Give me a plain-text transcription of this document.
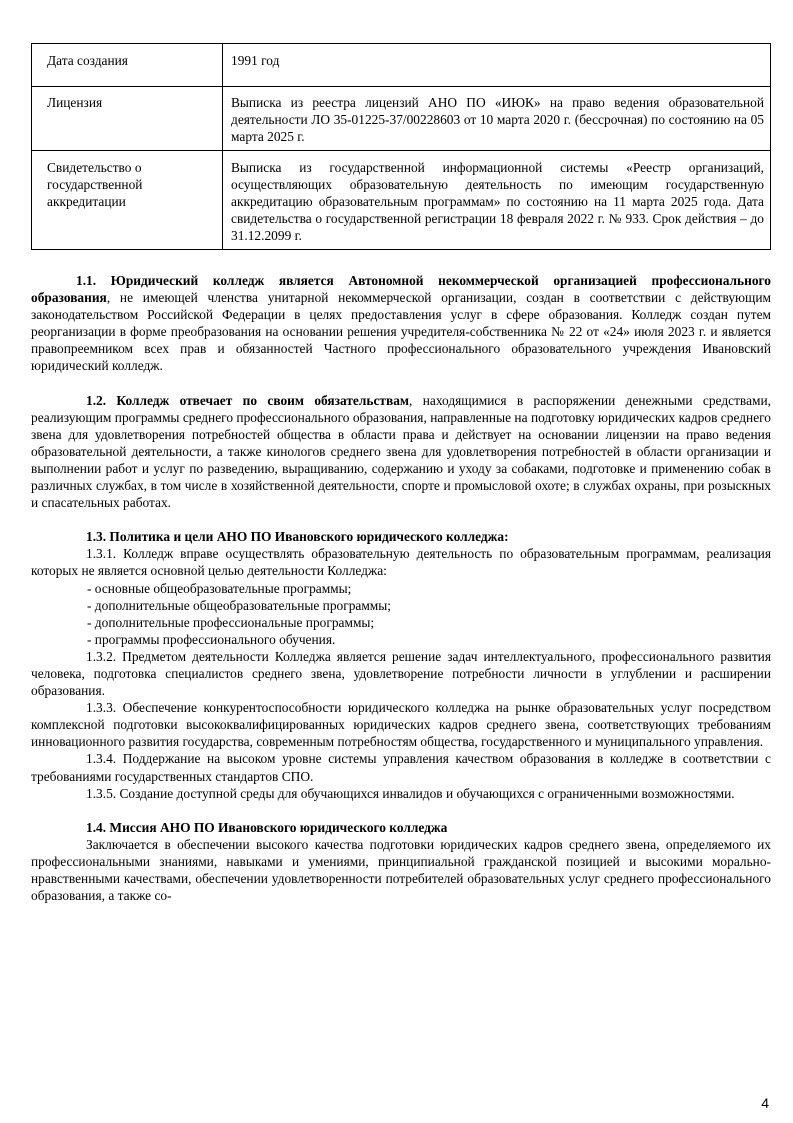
Дата создания	1991 год
Лицензия	Выписка из реестра лицензий АНО ПО «ИЮК» на право ведения образовательной деятельности ЛО 35-01225-37/00228603 от 10 марта 2020 г. (бессрочная) по состоянию на 05 марта 2025 г.
Свидетельство о государственной аккредитации	Выписка из государственной информационной системы «Реестр организаций, осуществляющих образовательную деятельность по имеющим государственную аккредитацию образовательным программам» по состоянию на 11 марта 2025 года. Дата свидетельства о государственной регистрации 18 февраля 2022 г. № 933. Срок действия – до 31.12.2099 г.

1.1. Юридический колледж является Автономной некоммерческой организацией профессионального образования, не имеющей членства унитарной некоммерческой организации, создан в соответствии с действующим законодательством Российской Федерации в целях предоставления услуг в сфере образования. Колледж создан путем реорганизации в форме преобразования на основании решения учредителя-собственника № 22 от «24» июля 2023 г. и является правопреемником всех прав и обязанностей Частного профессионального образовательного учреждения Ивановский юридический колледж.

1.2. Колледж отвечает по своим обязательствам, находящимися в распоряжении денежными средствами, реализующим программы среднего профессионального образования, направленные на подготовку юридических кадров среднего звена для удовлетворения потребностей общества в области права и действует на основании лицензии на право ведения образовательной деятельности, а также кинологов среднего звена для удовлетворения потребностей в области организации и выполнении работ и услуг по разведению, выращиванию, содержанию и уходу за собаками, подготовке и применению собак в различных службах, в том числе в хозяйственной деятельности, спорте и промысловой охоте; в службах охраны, при розыскных и спасательных работах.

1.3. Политика и цели АНО ПО Ивановского юридического колледжа:

1.3.1. Колледж вправе осуществлять образовательную деятельность по образовательным программам, реализация которых не является основной целью деятельности Колледжа:

- основные общеобразовательные программы;

- дополнительные общеобразовательные программы;

- дополнительные профессиональные программы;

- программы профессионального обучения.

1.3.2. Предметом деятельности Колледжа является решение задач интеллектуального, профессионального развития человека, подготовка специалистов среднего звена, удовлетворение потребности личности в углублении и расширении образования.

1.3.3. Обеспечение конкурентоспособности юридического колледжа на рынке образовательных услуг посредством комплексной подготовки высококвалифицированных юридических кадров среднего звена, соответствующих требованиям инновационного развития государства, современным потребностям общества, государственного и муниципального управления.

1.3.4. Поддержание на высоком уровне системы управления качеством образования в колледже в соответствии с требованиями государственных стандартов СПО.

1.3.5. Создание доступной среды для обучающихся инвалидов и обучающихся с ограниченными возможностями.

1.4. Миссия АНО ПО Ивановского юридического колледжа

Заключается в обеспечении высокого качества подготовки юридических кадров среднего звена, определяемого их профессиональными знаниями, навыками и умениями, принципиальной гражданской позицией и высокими морально-нравственными качествами, обеспечении удовлетворенности потребителей образовательных услуг среднего профессионального образования, а также со-

4
